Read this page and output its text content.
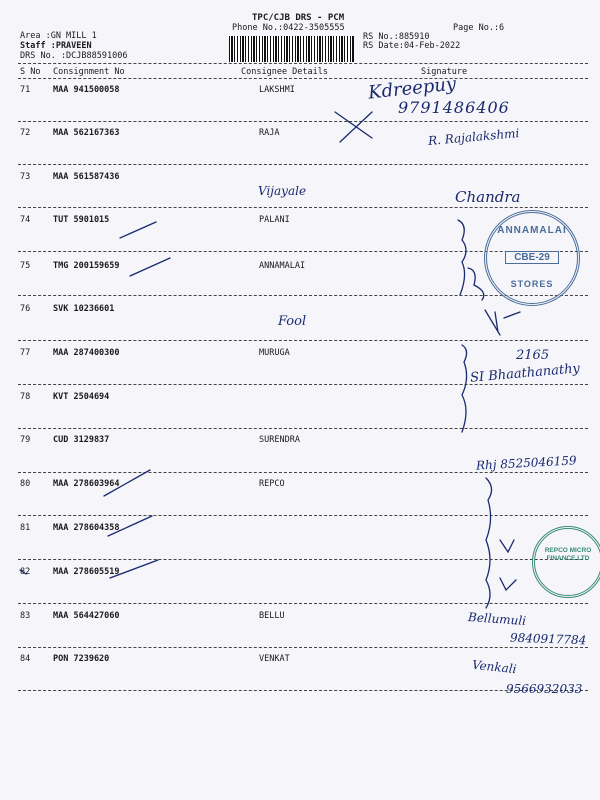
TPC/CJB DRS - PCM
Phone No.:0422-3505555	Page No.:6
Area :GN MILL 1
Staff :PRAVEEN
DRS No. :DCJB88591006
RS No.:885910
RS Date:04-Feb-2022
S No Consignment No	Consignee Details	Signature
71	MAA 941500058	LAKSHMI
72	MAA 562167363	RAJA
73	MAA 561587436
74	TUT 5901015	PALANI
75	TMG 200159659	ANNAMALAI
76	SVK 10236601
77	MAA 287400300	MURUGA
78	KVT 2504694
79	CUD 3129837	SURENDRA
80	MAA 278603964	REPCO
81	MAA 278604358
82	MAA 278605519
83	MAA 564427060	BELLU
84	PON 7239620	VENKAT
Kdreepuy
9791486406
R. Rajalakshmi
Vijayale	Chandra
Fool
2165
SI Bhaathanathy
Rhj 8525046159
Bellumuli
9840917784
Venkali
9566932033
ANNAMALAI
CBE-29
STORES
REPCO MICRO FINANCE LTD
